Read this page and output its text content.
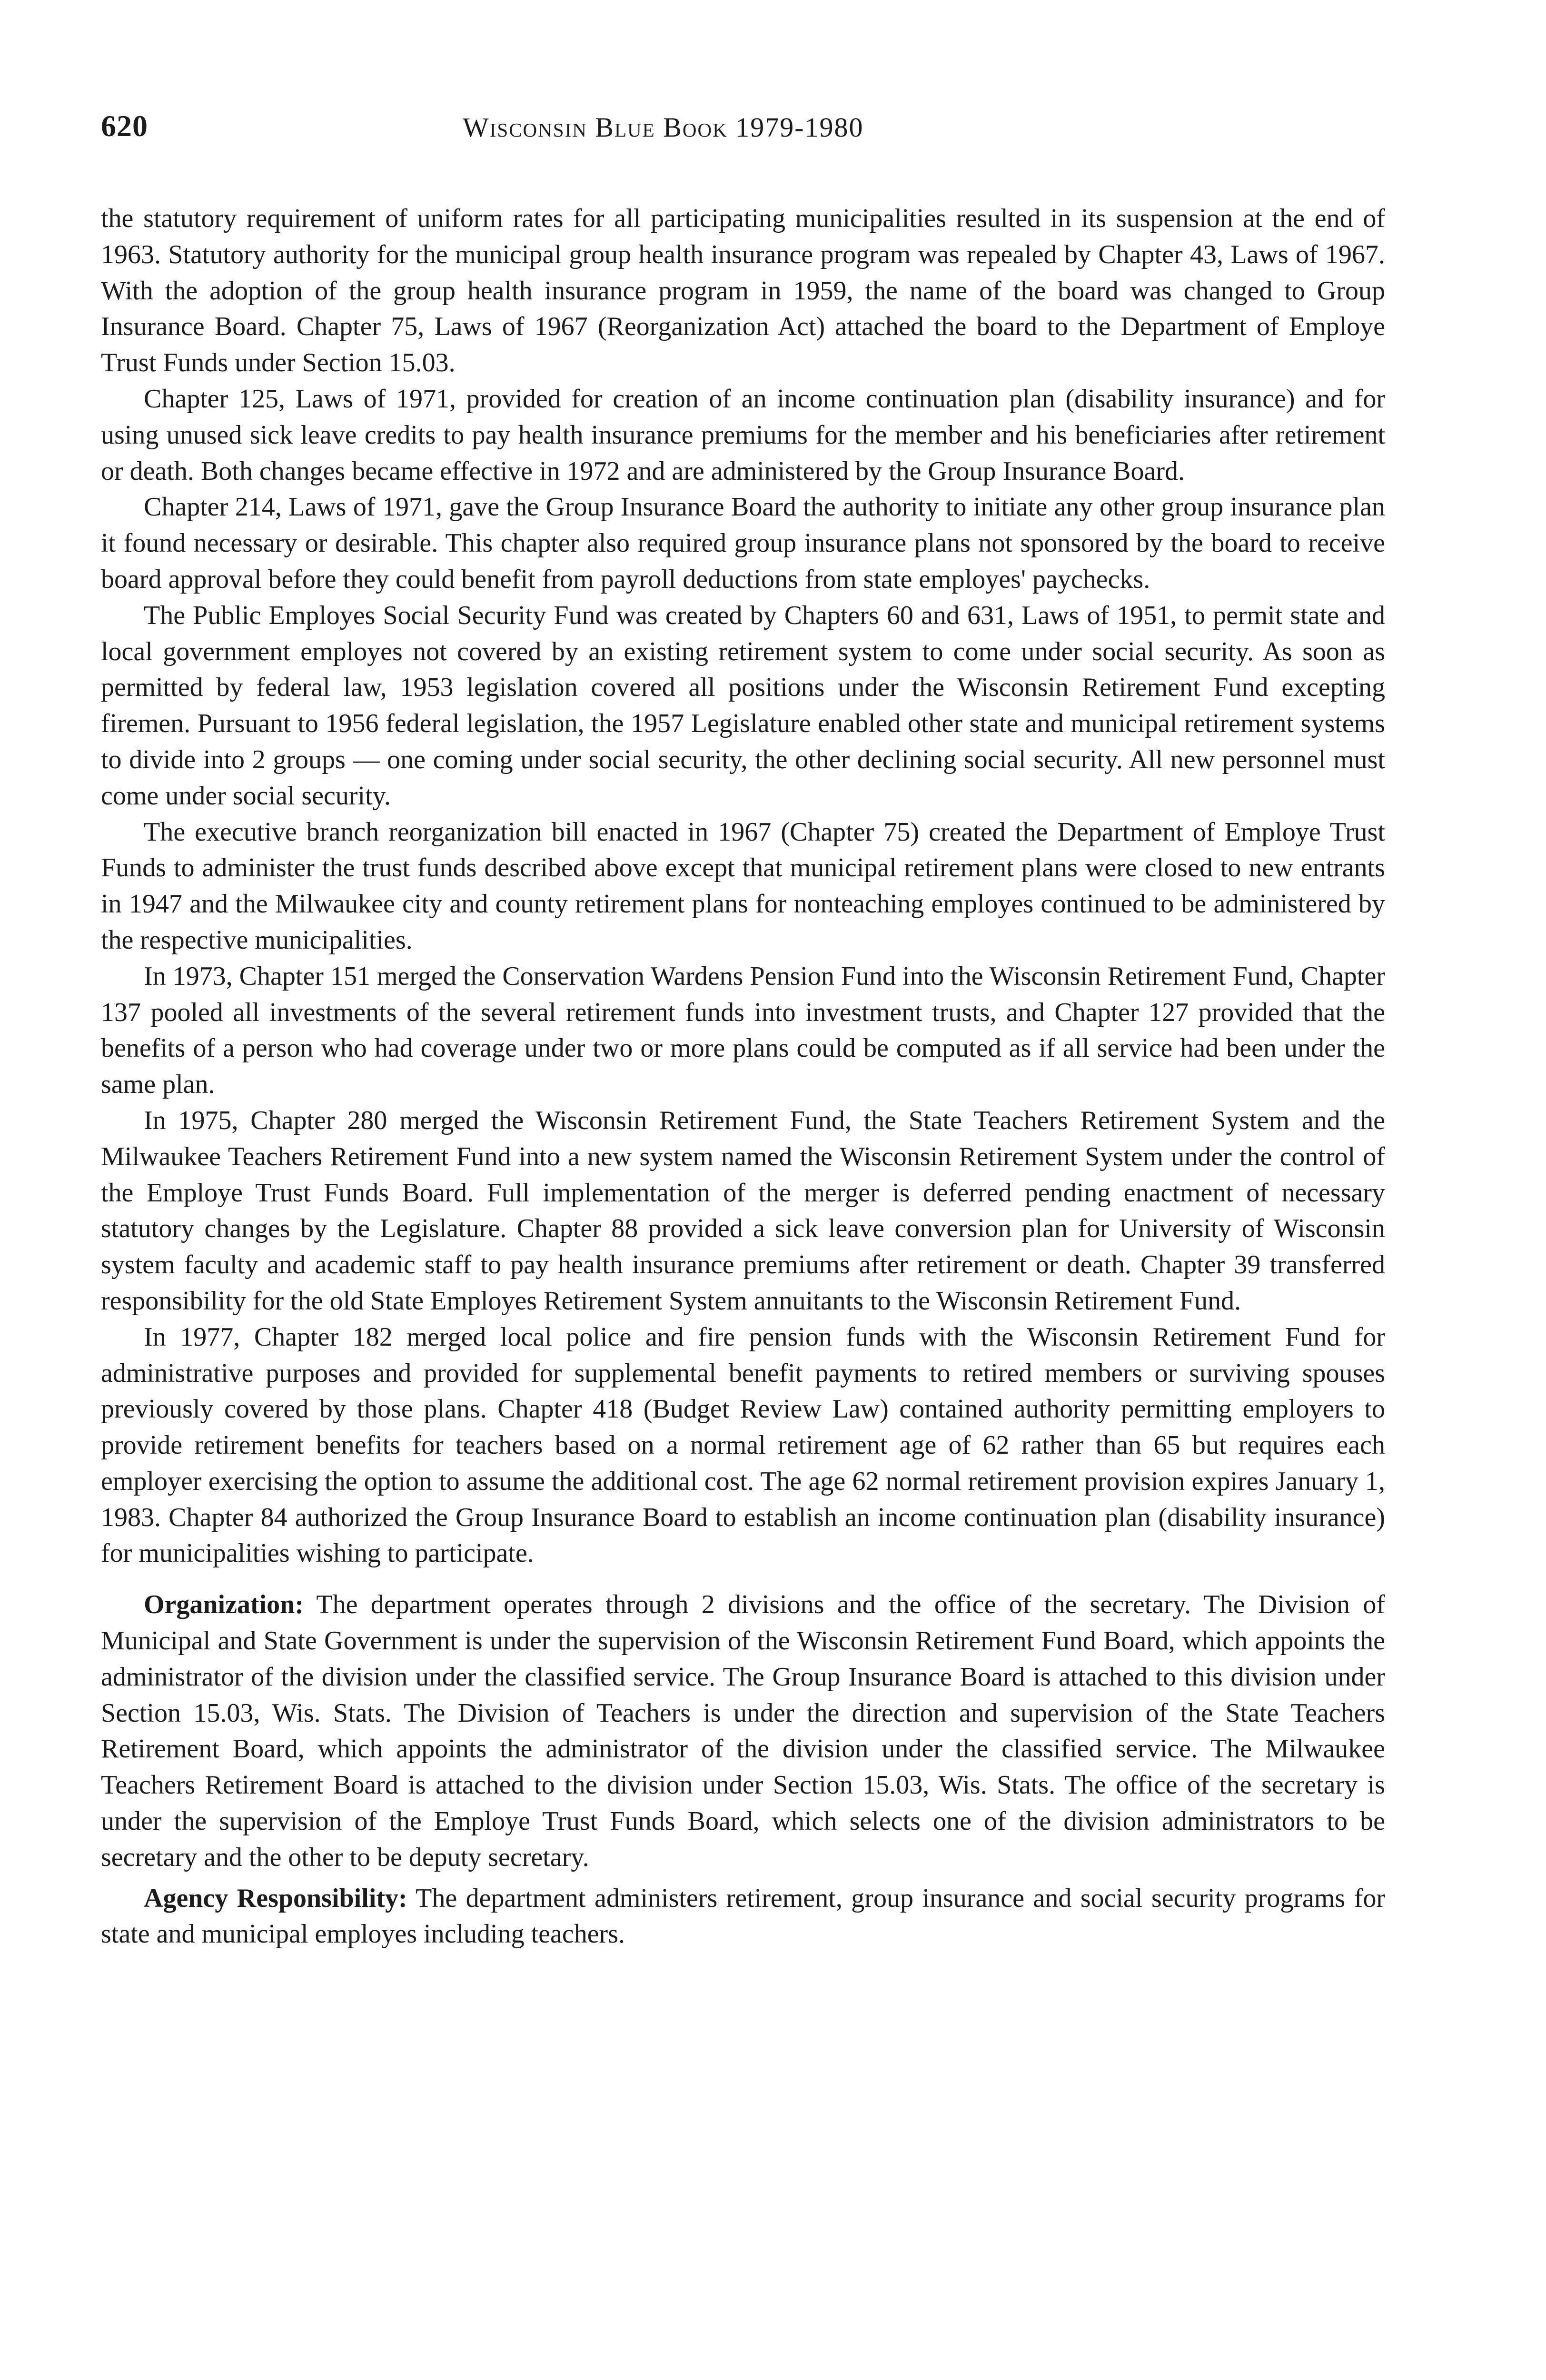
620	Wisconsin Blue Book 1979-1980

the statutory requirement of uniform rates for all participating municipalities resulted in its suspension at the end of 1963. Statutory authority for the municipal group health insurance program was repealed by Chapter 43, Laws of 1967. With the adoption of the group health insurance program in 1959, the name of the board was changed to Group Insurance Board. Chapter 75, Laws of 1967 (Reorganization Act) attached the board to the Department of Employe Trust Funds under Section 15.03.

Chapter 125, Laws of 1971, provided for creation of an income continuation plan (disability insurance) and for using unused sick leave credits to pay health insurance premiums for the member and his beneficiaries after retirement or death. Both changes became effective in 1972 and are administered by the Group Insurance Board.

Chapter 214, Laws of 1971, gave the Group Insurance Board the authority to initiate any other group insurance plan it found necessary or desirable. This chapter also required group insurance plans not sponsored by the board to receive board approval before they could benefit from payroll deductions from state employes' paychecks.

The Public Employes Social Security Fund was created by Chapters 60 and 631, Laws of 1951, to permit state and local government employes not covered by an existing retirement system to come under social security. As soon as permitted by federal law, 1953 legislation covered all positions under the Wisconsin Retirement Fund excepting firemen. Pursuant to 1956 federal legislation, the 1957 Legislature enabled other state and municipal retirement systems to divide into 2 groups — one coming under social security, the other declining social security. All new personnel must come under social security.

The executive branch reorganization bill enacted in 1967 (Chapter 75) created the Department of Employe Trust Funds to administer the trust funds described above except that municipal retirement plans were closed to new entrants in 1947 and the Milwaukee city and county retirement plans for nonteaching employes continued to be administered by the respective municipalities.

In 1973, Chapter 151 merged the Conservation Wardens Pension Fund into the Wisconsin Retirement Fund, Chapter 137 pooled all investments of the several retirement funds into investment trusts, and Chapter 127 provided that the benefits of a person who had coverage under two or more plans could be computed as if all service had been under the same plan.

In 1975, Chapter 280 merged the Wisconsin Retirement Fund, the State Teachers Retirement System and the Milwaukee Teachers Retirement Fund into a new system named the Wisconsin Retirement System under the control of the Employe Trust Funds Board. Full implementation of the merger is deferred pending enactment of necessary statutory changes by the Legislature. Chapter 88 provided a sick leave conversion plan for University of Wisconsin system faculty and academic staff to pay health insurance premiums after retirement or death. Chapter 39 transferred responsibility for the old State Employes Retirement System annuitants to the Wisconsin Retirement Fund.

In 1977, Chapter 182 merged local police and fire pension funds with the Wisconsin Retirement Fund for administrative purposes and provided for supplemental benefit payments to retired members or surviving spouses previously covered by those plans. Chapter 418 (Budget Review Law) contained authority permitting employers to provide retirement benefits for teachers based on a normal retirement age of 62 rather than 65 but requires each employer exercising the option to assume the additional cost. The age 62 normal retirement provision expires January 1, 1983. Chapter 84 authorized the Group Insurance Board to establish an income continuation plan (disability insurance) for municipalities wishing to participate.

Organization: The department operates through 2 divisions and the office of the secretary. The Division of Municipal and State Government is under the supervision of the Wisconsin Retirement Fund Board, which appoints the administrator of the division under the classified service. The Group Insurance Board is attached to this division under Section 15.03, Wis. Stats. The Division of Teachers is under the direction and supervision of the State Teachers Retirement Board, which appoints the administrator of the division under the classified service. The Milwaukee Teachers Retirement Board is attached to the division under Section 15.03, Wis. Stats. The office of the secretary is under the supervision of the Employe Trust Funds Board, which selects one of the division administrators to be secretary and the other to be deputy secretary.

Agency Responsibility: The department administers retirement, group insurance and social security programs for state and municipal employes including teachers.
